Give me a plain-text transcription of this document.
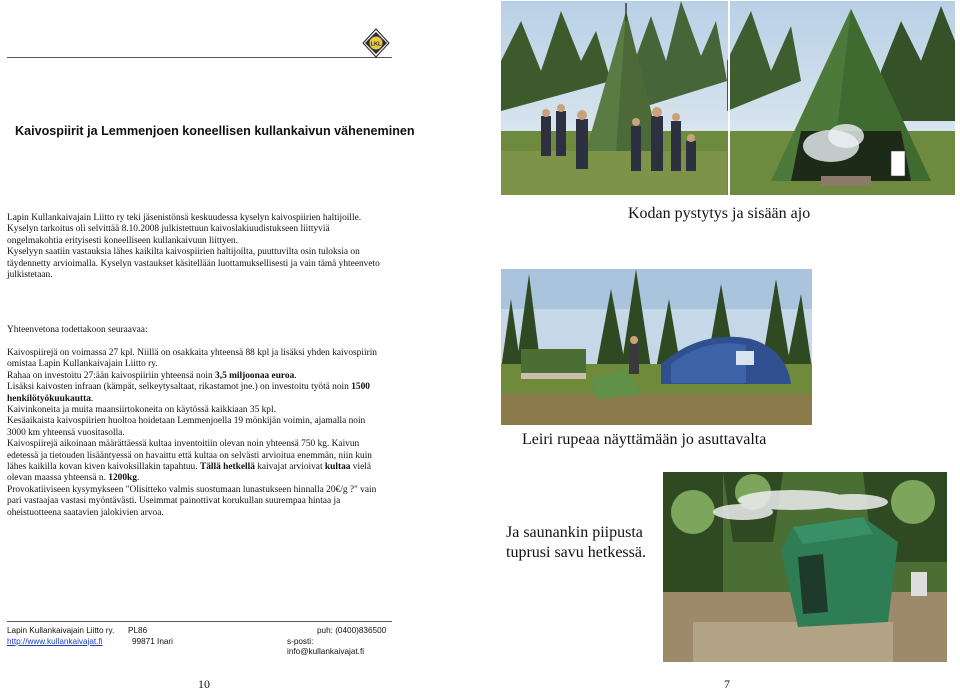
LKL
Kaivospiirit ja Lemmenjoen koneellisen kullankaivun väheneminen

Lapin Kullankaivajain Liitto ry teki jäsenistönsä keskuudessa kyselyn kaivospiirien haltijoille.

Kyselyn tarkoitus oli selvittää 8.10.2008 julkistettuun kaivoslakiuudistukseen liittyviä

ongelmakohtia erityisesti koneelliseen kullankaivuun liittyen.

Kyselyyn saatiin vastauksia lähes kaikilta kaivospiirien haltijoilta, puuttuvilta osin tuloksia on

täydennetty arvioimalla. Kyselyn vastaukset käsitellään luottamuksellisesti ja vain tämä yhteenveto

julkistetaan.

Yhteenvetona todettakoon seuraavaa:

Kaivospiirejä on voimassa 27 kpl. Niillä on osakkaita yhteensä 88 kpl ja lisäksi yhden kaivospiirin

omistaa Lapin Kullankaivajain Liitto ry.

Rahaa on investoitu 27:ään kaivospiiriin yhteensä noin 3,5 miljoonaa euroa.

Lisäksi kaivosten infraan (kämpät, selkeytysaltaat, rikastamot jne.) on investoitu työtä noin 1500

henkilötyökuukautta.

Kaivinkoneita ja muita maansiirtokoneita on käytössä kaikkiaan 35 kpl.

Kesäaikaista kaivospiirien huoltoa hoidetaan Lemmenjoella 19 mönkijän voimin, ajamalla noin

3000 km yhteensä vuositasolla.

Kaivospiirejä aikoinaan määrättäessä kultaa inventoitiin olevan noin yhteensä 750 kg. Kaivun

edetessä ja tietouden lisääntyessä on havaittu että kultaa on selvästi arvioitua enemmän, niin kuin

lähes kaikilla kovan kiven kaivoksillakin tapahtuu. Tällä hetkellä kaivajat arvioivat kultaa vielä

olevan maassa yhteensä n. 1200kg.

Provokatiiviseen kysymykseen "Olisitteko valmis suostumaan lunastukseen hinnalla 20€/g ?" vain

pari vastaajaa vastasi myöntävästi. Useimmat painottivat korukullan suurempaa hintaa ja

oheistuotteena saatavien jalokivien arvoa.

Lapin Kullankaivajain Liitto ry. PL86	puh: (0400)836500
http://www.kullankaivajat.fi	99871 Inari	s-posti: info@kullankaivajat.fi
10
Kodan pystytys ja sisään ajo
Leiri rupeaa näyttämään jo asuttavalta
Ja saunankin piipusta
tuprusi savu hetkessä.
7
